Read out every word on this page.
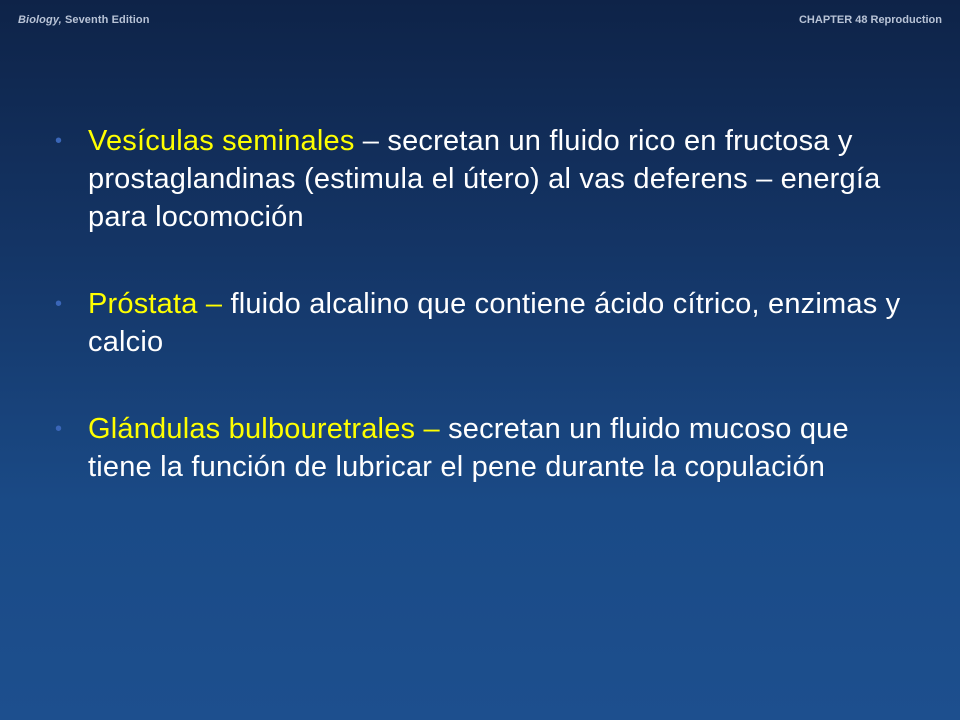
Biology, Seventh Edition	CHAPTER 48 Reproduction
• Vesículas seminales – secretan un fluido rico en fructosa y prostaglandinas (estimula el útero) al vas deferens – energía para locomoción
• Próstata – fluido alcalino que contiene ácido cítrico, enzimas y calcio
• Glándulas bulbouretrales – secretan un fluido mucoso que tiene la función de lubricar el pene durante la copulación
